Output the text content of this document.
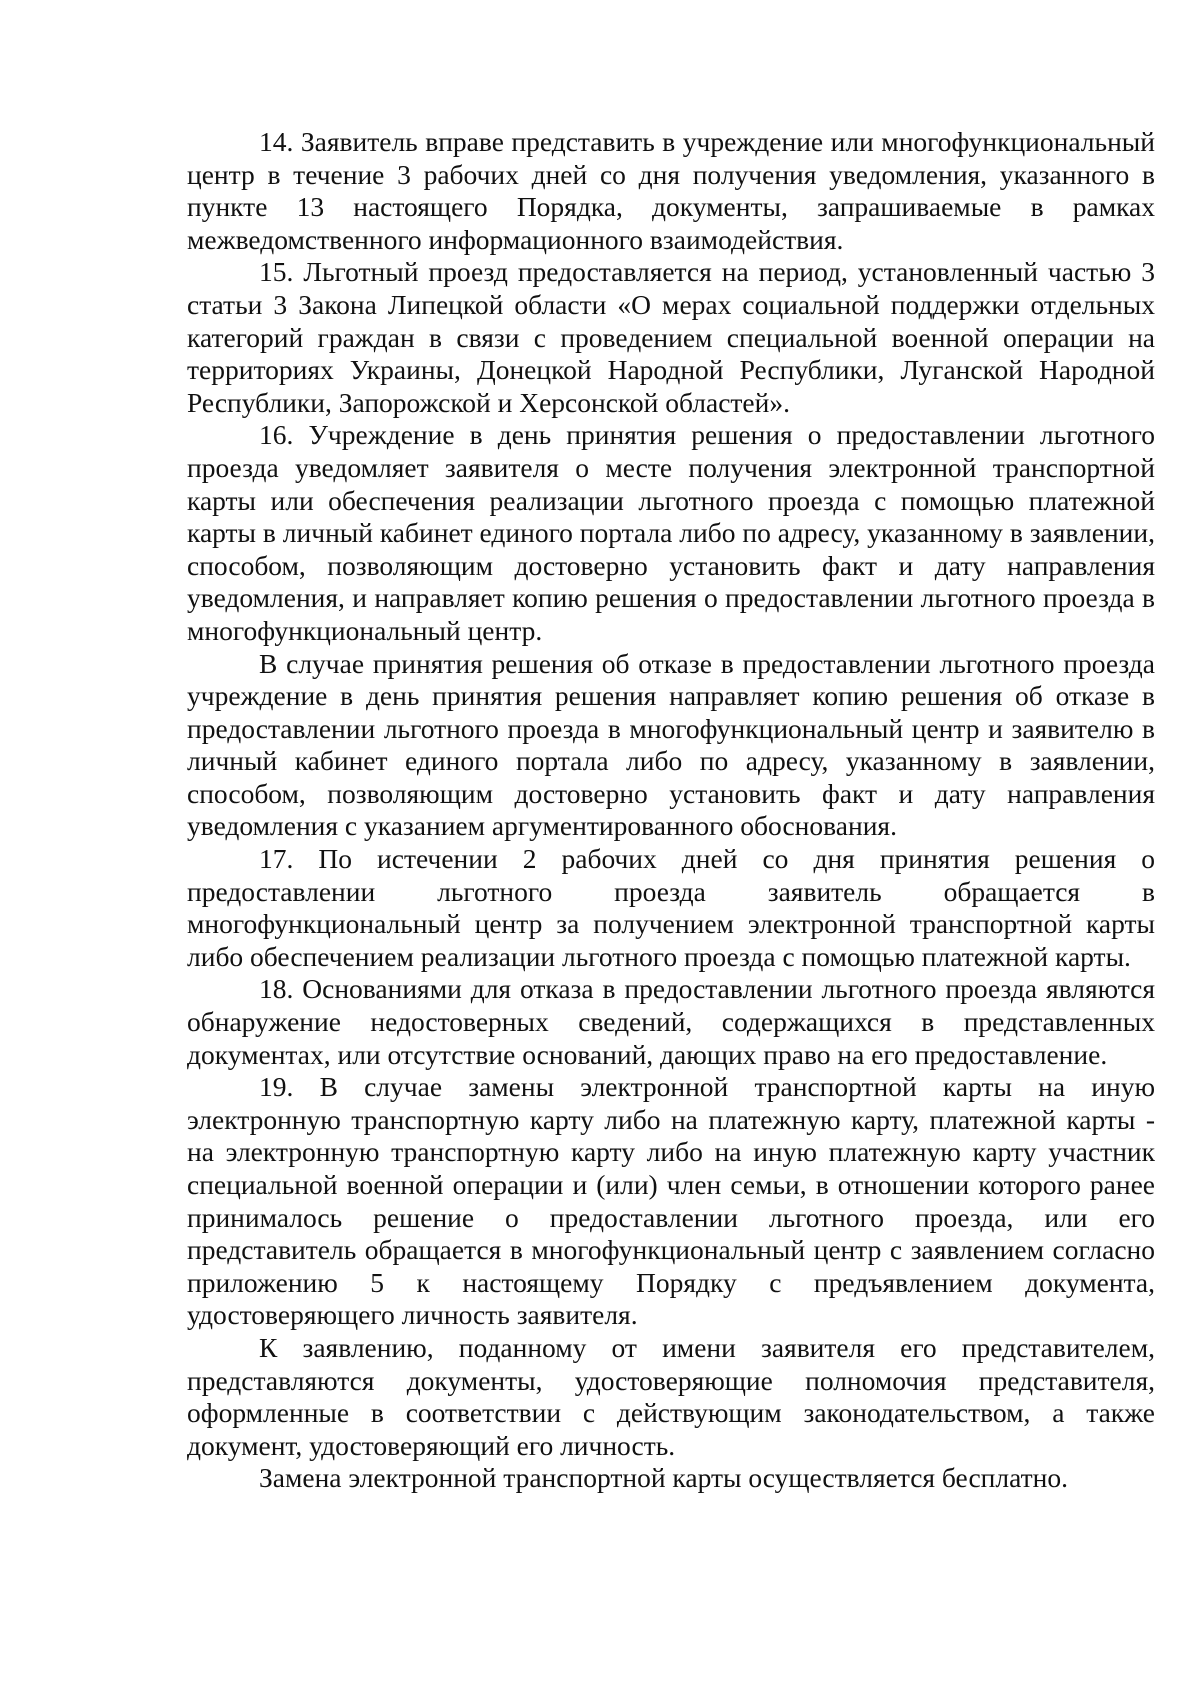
14. Заявитель вправе представить в учреждение или многофункциональный центр в течение 3 рабочих дней со дня получения уведомления, указанного в пункте 13 настоящего Порядка, документы, запрашиваемые в рамках межведомственного информационного взаимодействия.

15. Льготный проезд предоставляется на период, установленный частью 3 статьи 3 Закона Липецкой области «О мерах социальной поддержки отдельных категорий граждан в связи с проведением специальной военной операции на территориях Украины, Донецкой Народной Республики, Луганской Народной Республики, Запорожской и Херсонской областей».

16. Учреждение в день принятия решения о предоставлении льготного проезда уведомляет заявителя о месте получения электронной транспортной карты или обеспечения реализации льготного проезда с помощью платежной карты в личный кабинет единого портала либо по адресу, указанному в заявлении, способом, позволяющим достоверно установить факт и дату направления уведомления, и направляет копию решения о предоставлении льготного проезда в многофункциональный центр.

В случае принятия решения об отказе в предоставлении льготного проезда учреждение в день принятия решения направляет копию решения об отказе в предоставлении льготного проезда в многофункциональный центр и заявителю в личный кабинет единого портала либо по адресу, указанному в заявлении, способом, позволяющим достоверно установить факт и дату направления уведомления с указанием аргументированного обоснования.

17. По истечении 2 рабочих дней со дня принятия решения о предоставлении льготного проезда заявитель обращается в многофункциональный центр за получением электронной транспортной карты либо обеспечением реализации льготного проезда с помощью платежной карты.

18. Основаниями для отказа в предоставлении льготного проезда являются обнаружение недостоверных сведений, содержащихся в представленных документах, или отсутствие оснований, дающих право на его предоставление.

19. В случае замены электронной транспортной карты на иную электронную транспортную карту либо на платежную карту, платежной карты - на электронную транспортную карту либо на иную платежную карту участник специальной военной операции и (или) член семьи, в отношении которого ранее принималось решение о предоставлении льготного проезда, или его представитель обращается в многофункциональный центр с заявлением согласно приложению 5 к настоящему Порядку с предъявлением документа, удостоверяющего личность заявителя.

К заявлению, поданному от имени заявителя его представителем, представляются документы, удостоверяющие полномочия представителя, оформленные в соответствии с действующим законодательством, а также документ, удостоверяющий его личность.

Замена электронной транспортной карты осуществляется бесплатно.
